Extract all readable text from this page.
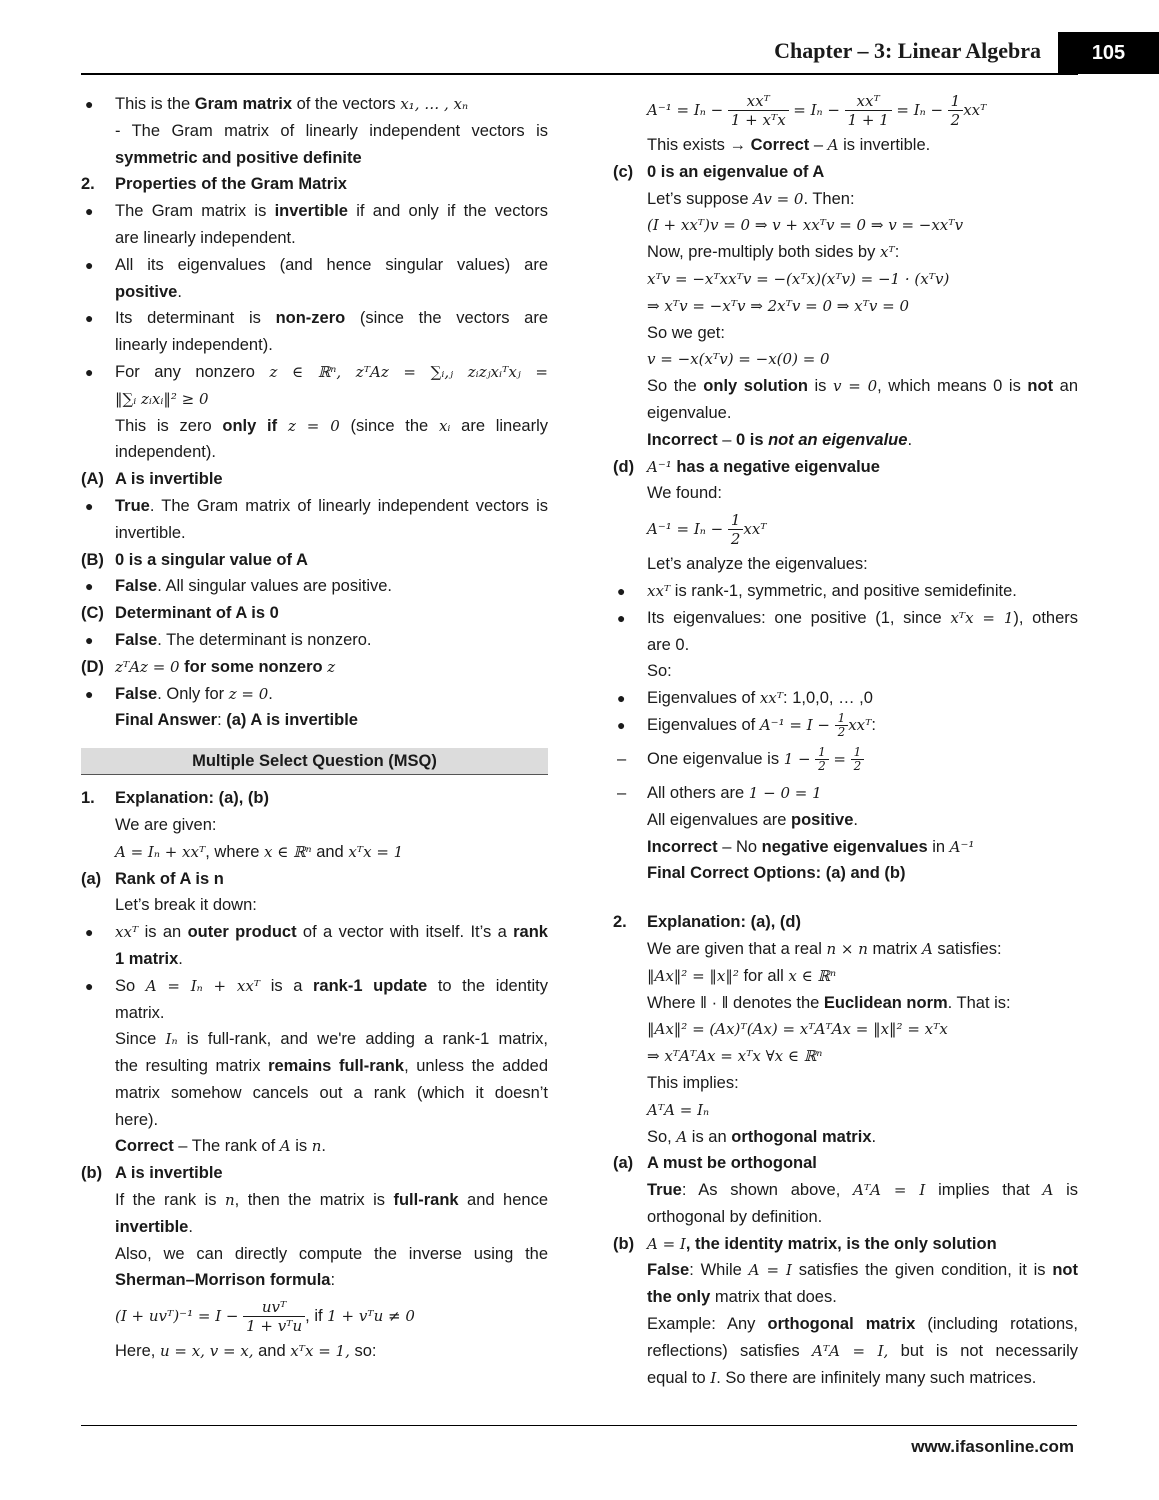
Chapter – 3: Linear Algebra	105
●	This is the Gram matrix of the vectors x₁, … , xₙ
- The Gram matrix of linearly independent vectors is
symmetric and positive definite
2.	Properties of the Gram Matrix
●	The Gram matrix is invertible if and only if the vectors
are linearly independent.
●	All its eigenvalues (and hence singular values) are
positive.
●	Its determinant is non-zero (since the vectors are
linearly independent).
●	For any nonzero z ∈ ℝⁿ, zᵀAz = ∑ᵢ,ⱼ zᵢzⱼxᵢᵀxⱼ =
‖∑ᵢ zᵢxᵢ‖² ≥ 0
This is zero only if z = 0 (since the xᵢ are linearly
independent).
(A) A is invertible
●	True. The Gram matrix of linearly independent vectors is
invertible.
(B) 0 is a singular value of A
●	False. All singular values are positive.
(C) Determinant of A is 0
●	False. The determinant is nonzero.
(D) zᵀAz = 0 for some nonzero z
●	False. Only for z = 0.
Final Answer: (a) A is invertible
Multiple Select Question (MSQ)
1.	Explanation: (a), (b)
We are given:
A = Iₙ + xxᵀ, where x ∈ ℝⁿ and xᵀx = 1
(a) Rank of A is n
Let’s break it down:
●	xxᵀ is an outer product of a vector with itself. It’s a rank
1 matrix.
●	So A = Iₙ + xxᵀ is a rank-1 update to the identity
matrix.
Since Iₙ is full-rank, and we're adding a rank-1 matrix,
the resulting matrix remains full-rank, unless the added
matrix somehow cancels out a rank (which it doesn’t
here).
Correct – The rank of A is n.
(b) A is invertible
If the rank is n, then the matrix is full-rank and hence
invertible.
Also, we can directly compute the inverse using the
Sherman–Morrison formula:
(I + uvᵀ)⁻¹ = $I - \frac{\text{uvᵀ}}{\text{1 + vᵀu}}$ , if 1 + vᵀu ≠ 0
Here, u = x, v = x, and xᵀx = 1, so:
$A^{-1} = I_n - \frac{\text{xxᵀ}}{\text{1 + xᵀx}} = I_n - \frac{\text{xxᵀ}}{1 + 1} = I_n - \frac{1}{2}$ xxᵀ
This exists → Correct – A is invertible.
(c) 0 is an eigenvalue of A
Let’s suppose Av = 0. Then:
(I + xxᵀ)v = 0 ⇒ v + xxᵀv = 0 ⇒ v = −xxᵀv
Now, pre-multiply both sides by xᵀ:
xᵀv = −xᵀxxᵀv = −(xᵀx)(xᵀv) = −1 · (xᵀv)
⇒ xᵀv = −xᵀv ⇒ 2xᵀv = 0 ⇒ xᵀv = 0
So we get:
v = −x(xᵀv) = −x(0) = 0
So the only solution is v = 0, which means 0 is not an
eigenvalue.
Incorrect – 0 is not an eigenvalue.
(d) A⁻¹ has a negative eigenvalue
We found:
$A^{-1} = I_n - \frac{1}{2}$ xxᵀ
Let’s analyze the eigenvalues:
●	xxᵀ is rank-1, symmetric, and positive semidefinite.
●	Its eigenvalues: one positive (1, since xᵀx = 1), others
are 0.
So:
●	Eigenvalues of xxᵀ: 1,0,0, … ,0
●	Eigenvalues of $A^{-1} = I - \frac{1}{2}$ xxᵀ:
–	One eigenvalue is $1 - \frac{1}{2} = \frac{1}{2}$
–	All others are 1 − 0 = 1
All eigenvalues are positive.
Incorrect – No negative eigenvalues in A⁻¹
Final Correct Options: (a) and (b)
2.	Explanation: (a), (d)
We are given that a real n × n matrix A satisfies:
‖Ax‖² = ‖x‖² for all x ∈ ℝⁿ
Where ‖ · ‖ denotes the Euclidean norm. That is:
‖Ax‖² = (Ax)ᵀ(Ax) = xᵀAᵀAx = ‖x‖² = xᵀx
⇒ xᵀAᵀAx = xᵀx ∀x ∈ ℝⁿ
This implies:
AᵀA = Iₙ
So, A is an orthogonal matrix.
(a) A must be orthogonal
True: As shown above, AᵀA = I implies that A is
orthogonal by definition.
(b) A = I, the identity matrix, is the only solution
False: While A = I satisfies the given condition, it is not
the only matrix that does.
Example: Any orthogonal matrix (including rotations,
reflections) satisfies AᵀA = I, but is not necessarily
equal to I. So there are infinitely many such matrices.
www.ifasonline.com
